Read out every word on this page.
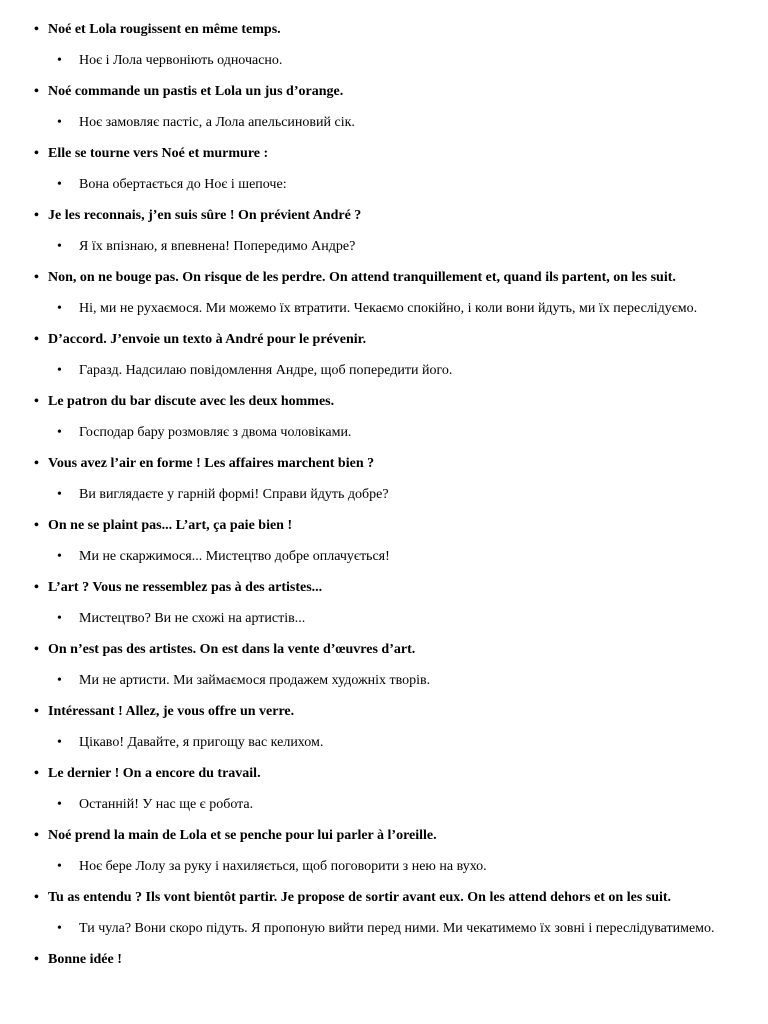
• Noé et Lola rougissent en même temps.
• Ноє і Лола червоніють одночасно.
• Noé commande un pastis et Lola un jus d’orange.
• Ноє замовляє пастіс, а Лола апельсиновий сік.
• Elle se tourne vers Noé et murmure :
• Вона обертається до Ноє і шепоче:
• Je les reconnais, j’en suis sûre ! On prévient André ?
• Я їх впізнаю, я впевнена! Попередимо Андре?
• Non, on ne bouge pas. On risque de les perdre. On attend tranquillement et, quand ils partent, on les suit.
• Ні, ми не рухаємося. Ми можемо їх втратити. Чекаємо спокійно, і коли вони йдуть, ми їх переслідуємо.
• D’accord. J’envoie un texto à André pour le prévenir.
• Гаразд. Надсилаю повідомлення Андре, щоб попередити його.
• Le patron du bar discute avec les deux hommes.
• Господар бару розмовляє з двома чоловіками.
• Vous avez l’air en forme ! Les affaires marchent bien ?
• Ви виглядаєте у гарній формі! Справи йдуть добре?
• On ne se plaint pas... L’art, ça paie bien !
• Ми не скаржимося... Мистецтво добре оплачується!
• L’art ? Vous ne ressemblez pas à des artistes...
• Мистецтво? Ви не схожі на артистів...
• On n’est pas des artistes. On est dans la vente d’œuvres d’art.
• Ми не артисти. Ми займаємося продажем художніх творів.
• Intéressant ! Allez, je vous offre un verre.
• Цікаво! Давайте, я пригощу вас келихом.
• Le dernier ! On a encore du travail.
• Останній! У нас ще є робота.
• Noé prend la main de Lola et se penche pour lui parler à l’oreille.
• Ноє бере Лолу за руку і нахиляється, щоб поговорити з нею на вухо.
• Tu as entendu ? Ils vont bientôt partir. Je propose de sortir avant eux. On les attend dehors et on les suit.
• Ти чула? Вони скоро підуть. Я пропоную вийти перед ними. Ми чекатимемо їх зовні і переслідуватимемо.
• Bonne idée !
